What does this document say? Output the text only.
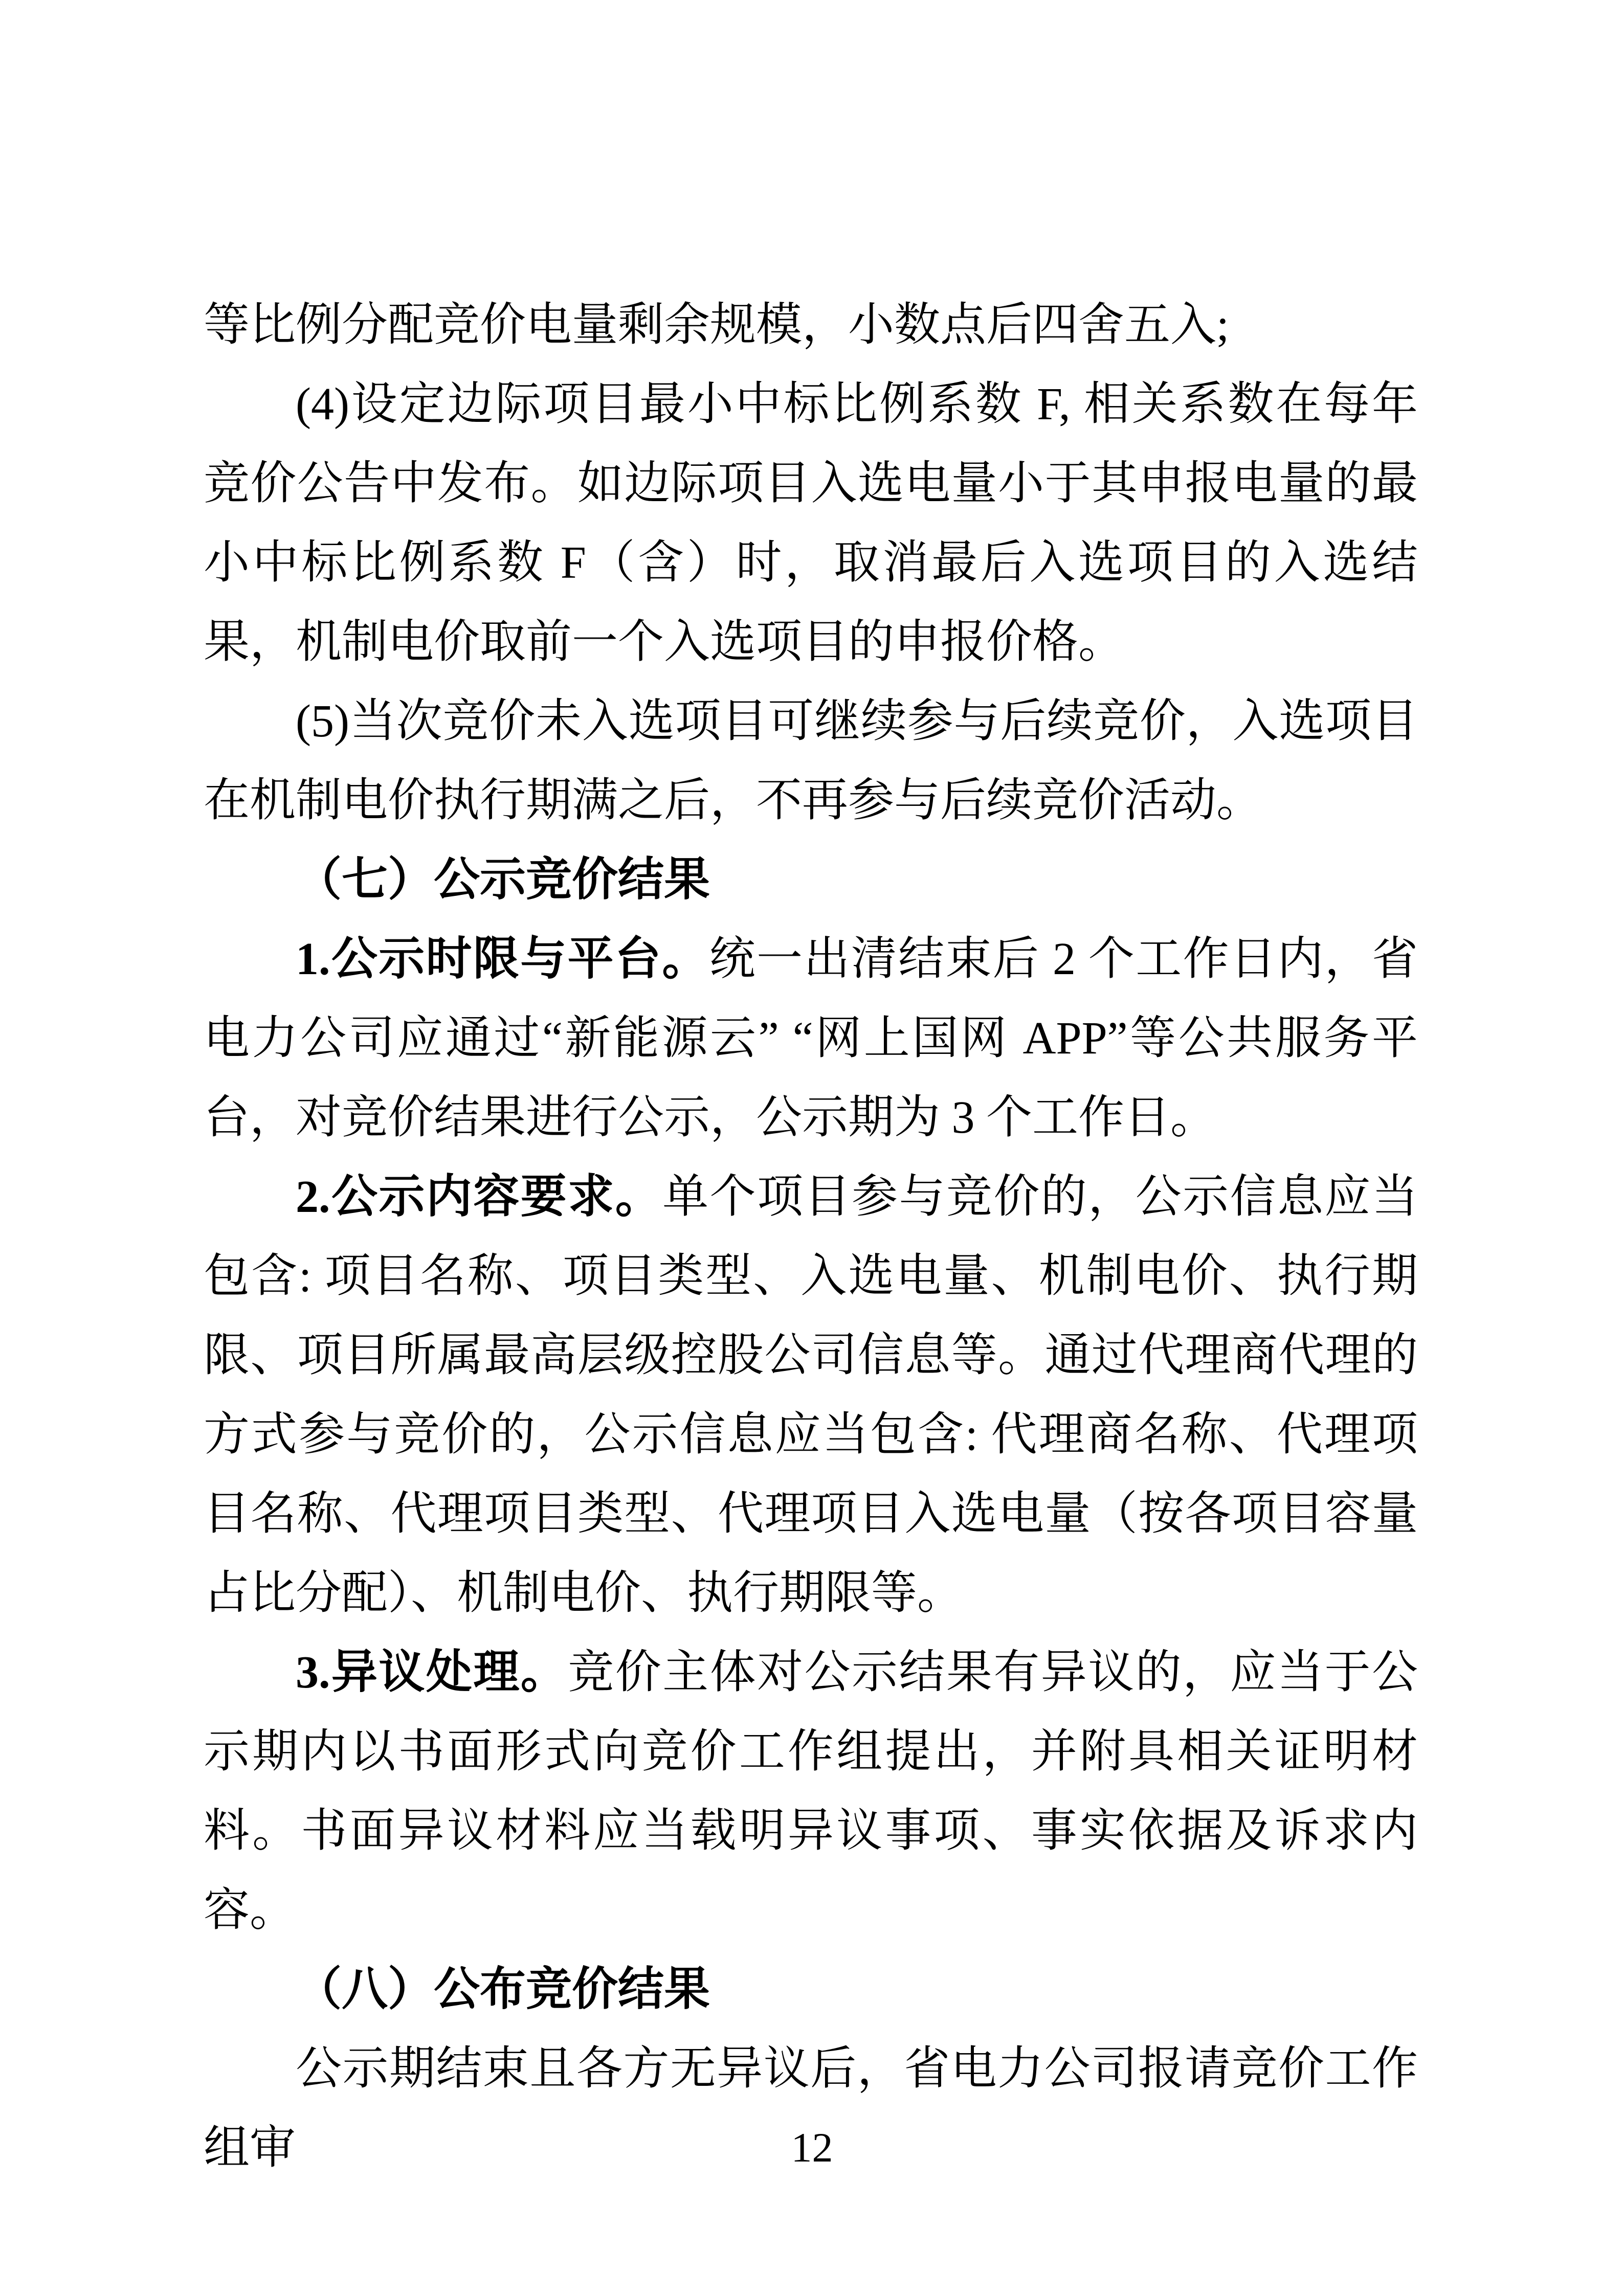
等比例分配竞价电量剩余规模，小数点后四舍五入;

(4)设定边际项目最小中标比例系数 F, 相关系数在每年竞价公告中发布。如边际项目入选电量小于其申报电量的最小中标比例系数 F（含）时，取消最后入选项目的入选结果，机制电价取前一个入选项目的申报价格。

(5)当次竞价未入选项目可继续参与后续竞价，入选项目在机制电价执行期满之后，不再参与后续竞价活动。

（七）公示竞价结果

1.公示时限与平台。统一出清结束后 2 个工作日内，省电力公司应通过“新能源云” “网上国网 APP”等公共服务平台，对竞价结果进行公示，公示期为 3 个工作日。

2.公示内容要求。单个项目参与竞价的，公示信息应当包含: 项目名称、项目类型、入选电量、机制电价、执行期限、项目所属最高层级控股公司信息等。通过代理商代理的方式参与竞价的，公示信息应当包含: 代理商名称、代理项目名称、代理项目类型、代理项目入选电量（按各项目容量占比分配）、机制电价、执行期限等。

3.异议处理。竞价主体对公示结果有异议的，应当于公示期内以书面形式向竞价工作组提出，并附具相关证明材料。书面异议材料应当载明异议事项、事实依据及诉求内容。

（八）公布竞价结果

公示期结束且各方无异议后，省电力公司报请竞价工作组审	12
